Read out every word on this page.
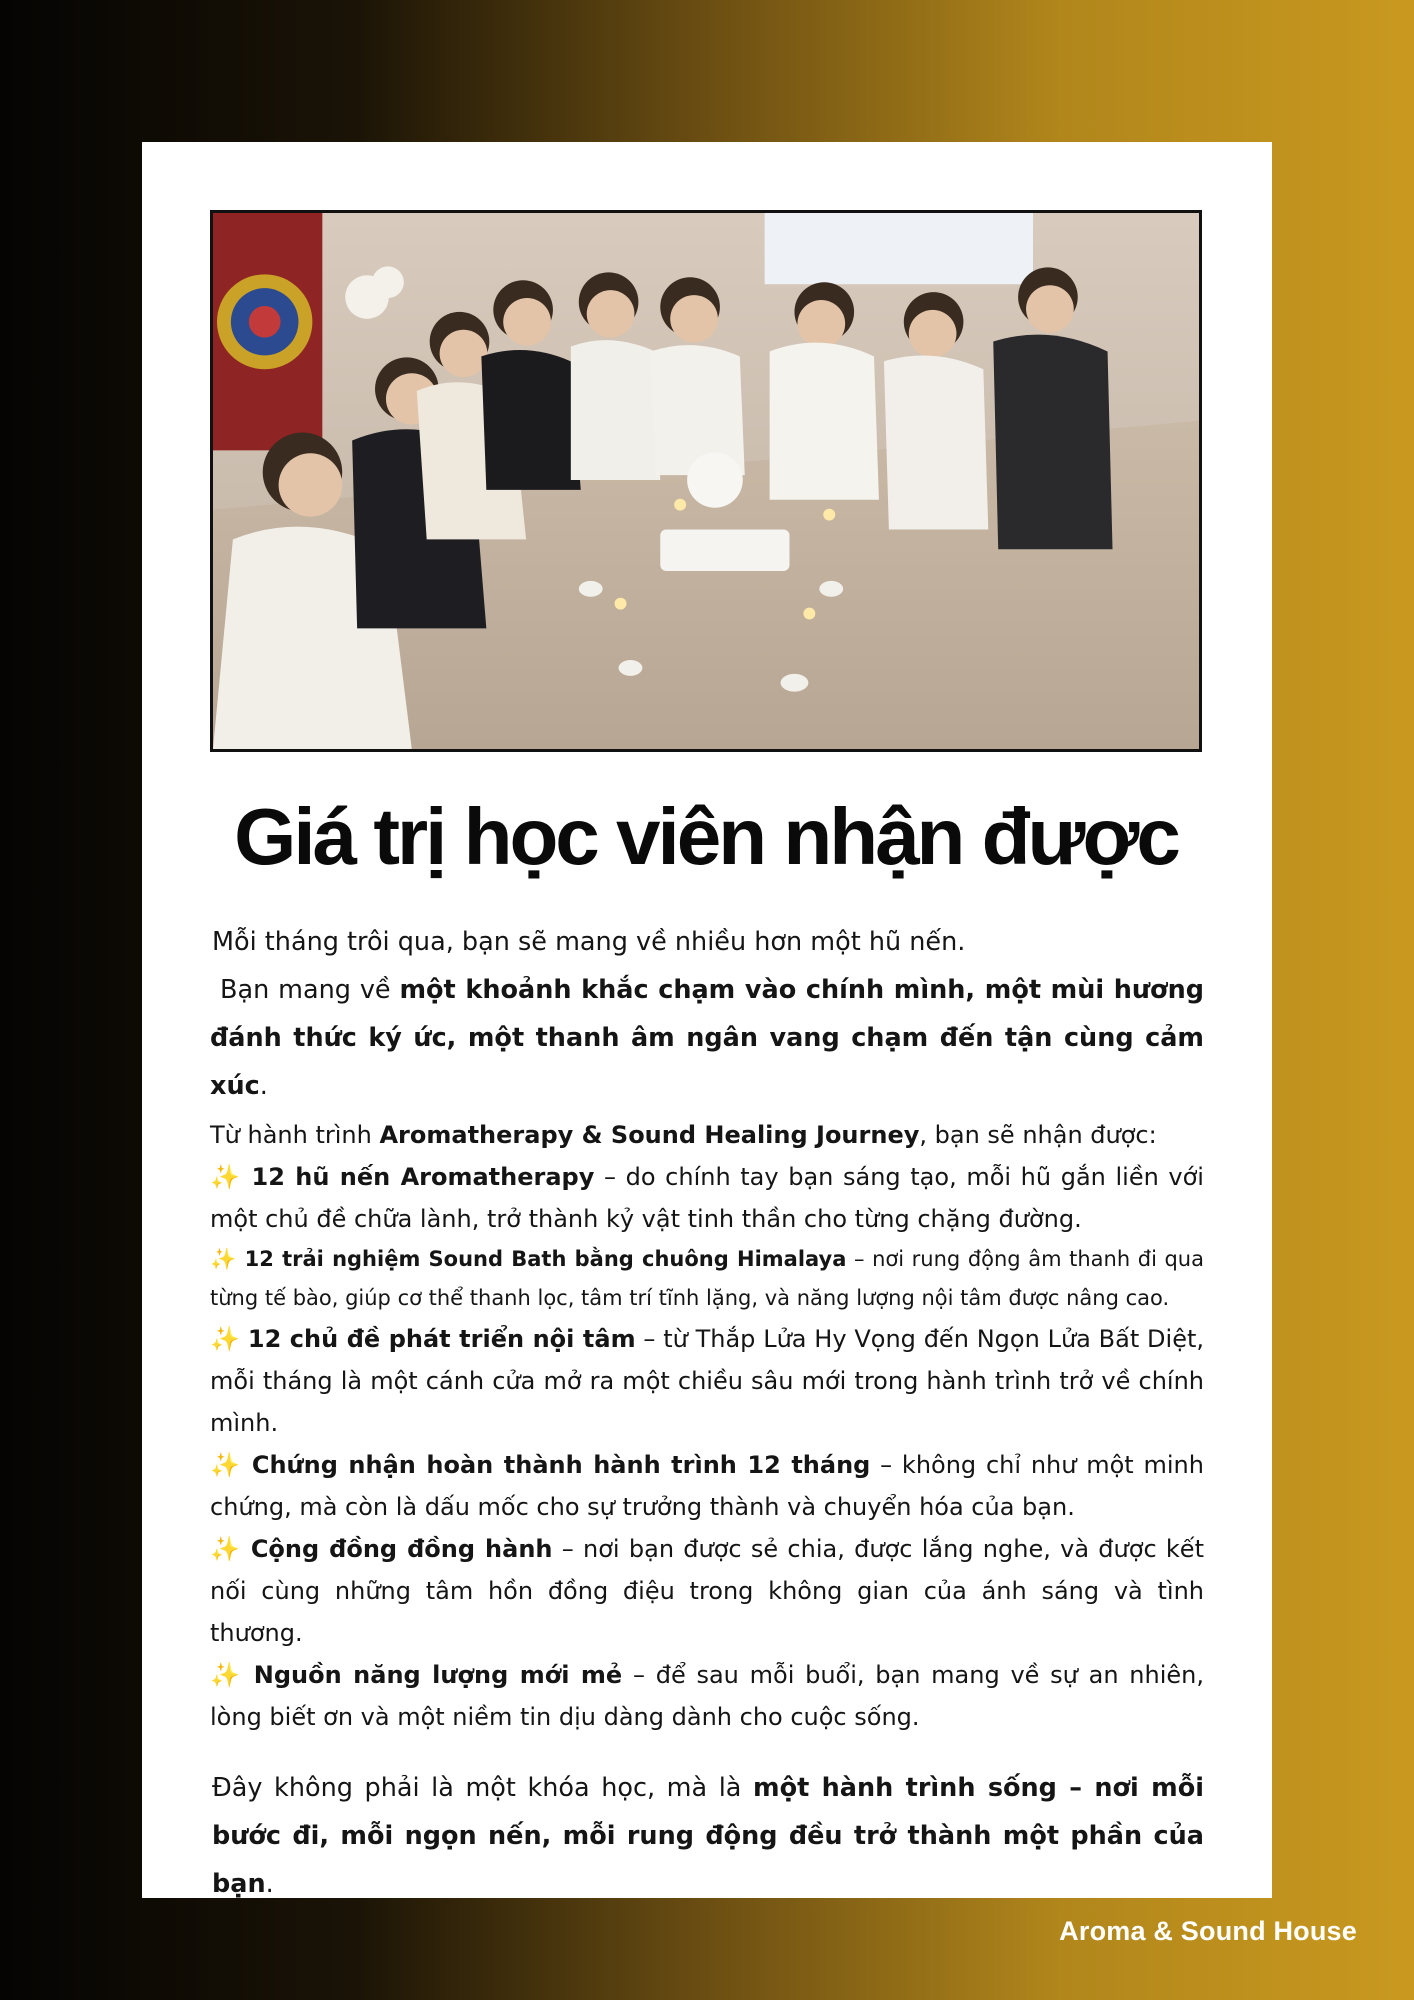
Giá trị học viên nhận được

Mỗi tháng trôi qua, bạn sẽ mang về nhiều hơn một hũ nến.

Bạn mang về một khoảnh khắc chạm vào chính mình, một mùi hương đánh thức ký ức, một thanh âm ngân vang chạm đến tận cùng cảm xúc.

Từ hành trình Aromatherapy & Sound Healing Journey, bạn sẽ nhận được:

✨ 12 hũ nến Aromatherapy – do chính tay bạn sáng tạo, mỗi hũ gắn liền với một chủ đề chữa lành, trở thành kỷ vật tinh thần cho từng chặng đường.

✨ 12 trải nghiệm Sound Bath bằng chuông Himalaya – nơi rung động âm thanh đi qua từng tế bào, giúp cơ thể thanh lọc, tâm trí tĩnh lặng, và năng lượng nội tâm được nâng cao.

✨ 12 chủ đề phát triển nội tâm – từ Thắp Lửa Hy Vọng đến Ngọn Lửa Bất Diệt, mỗi tháng là một cánh cửa mở ra một chiều sâu mới trong hành trình trở về chính mình.

✨ Chứng nhận hoàn thành hành trình 12 tháng – không chỉ như một minh chứng, mà còn là dấu mốc cho sự trưởng thành và chuyển hóa của bạn.

✨ Cộng đồng đồng hành – nơi bạn được sẻ chia, được lắng nghe, và được kết nối cùng những tâm hồn đồng điệu trong không gian của ánh sáng và tình thương.

✨ Nguồn năng lượng mới mẻ – để sau mỗi buổi, bạn mang về sự an nhiên, lòng biết ơn và một niềm tin dịu dàng dành cho cuộc sống.

Đây không phải là một khóa học, mà là một hành trình sống – nơi mỗi bước đi, mỗi ngọn nến, mỗi rung động đều trở thành một phần của bạn.

Aroma & Sound House
